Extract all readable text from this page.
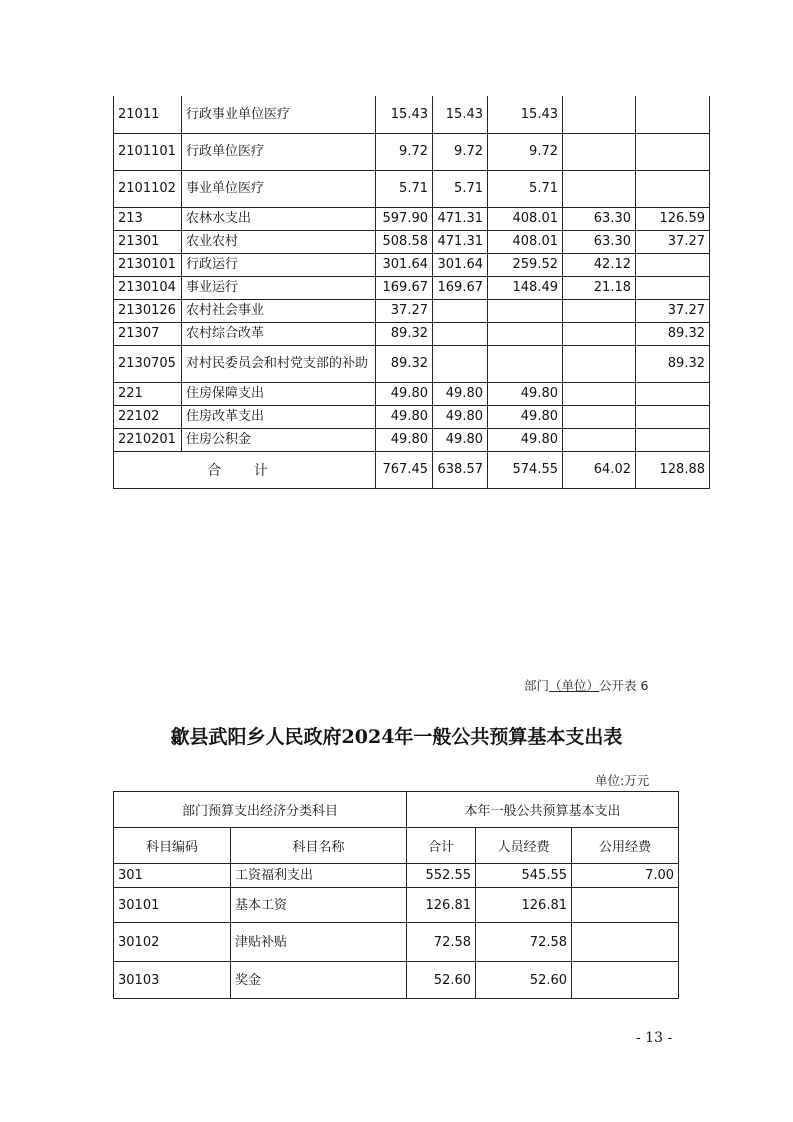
21011	行政事业单位医疗	15.43	15.43	15.43		
2101101	行政单位医疗	9.72	9.72	9.72		
2101102	事业单位医疗	5.71	5.71	5.71		
213	农林水支出	597.90	471.31	408.01	63.30	126.59
21301	农业农村	508.58	471.31	408.01	63.30	37.27
2130101	行政运行	301.64	301.64	259.52	42.12	
2130104	事业运行	169.67	169.67	148.49	21.18	
2130126	农村社会事业	37.27				37.27
21307	农村综合改革	89.32				89.32
2130705	对村民委员会和村党支部的补助	89.32				89.32
221	住房保障支出	49.80	49.80	49.80		
22102	住房改革支出	49.80	49.80	49.80		
2210201	住房公积金	49.80	49.80	49.80		
合 计		767.45	638.57	574.55	64.02	128.88
部门（单位）公开表 6
歙县武阳乡人民政府2024年一般公共预算基本支出表
单位:万元
部门预算支出经济分类科目		本年一般公共预算基本支出		
科目编码	科目名称	合计	人员经费	公用经费
301	工资福利支出	552.55	545.55	7.00
30101	基本工资	126.81	126.81	
30102	津贴补贴	72.58	72.58	
30103	奖金	52.60	52.60	
- 13 -
